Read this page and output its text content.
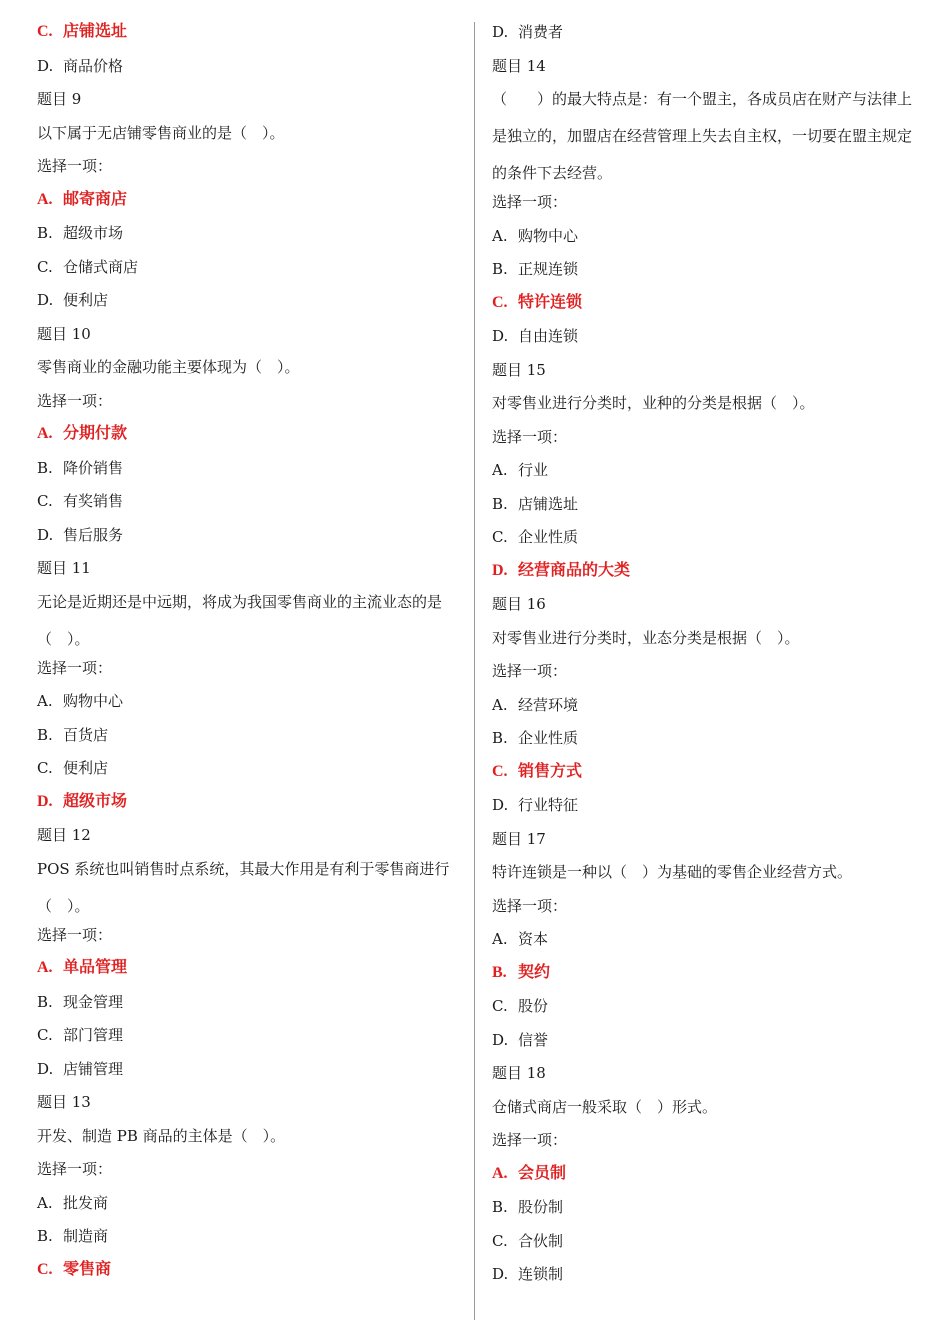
C. 店铺选址
D. 商品价格
题目 9
以下属于无店铺零售商业的是（　）。
选择一项：
A. 邮寄商店
B. 超级市场
C. 仓储式商店
D. 便利店
题目 10
零售商业的金融功能主要体现为（　）。
选择一项：
A. 分期付款
B. 降价销售
C. 有奖销售
D. 售后服务
题目 11
无论是近期还是中远期，将成为我国零售商业的主流业态的是（　）。
选择一项：
A. 购物中心
B. 百货店
C. 便利店
D. 超级市场
题目 12
POS 系统也叫销售时点系统，其最大作用是有利于零售商进行（　）。
选择一项：
A. 单品管理
B. 现金管理
C. 部门管理
D. 店铺管理
题目 13
开发、制造 PB 商品的主体是（　）。
选择一项：
A. 批发商
B. 制造商
C. 零售商
D. 消费者
题目 14
（　　）的最大特点是：有一个盟主，各成员店在财产与法律上是独立的，加盟店在经营管理上失去自主权，一切要在盟主规定的条件下去经营。
选择一项：
A. 购物中心
B. 正规连锁
C. 特许连锁
D. 自由连锁
题目 15
对零售业进行分类时，业种的分类是根据（　）。
选择一项：
A. 行业
B. 店铺选址
C. 企业性质
D. 经营商品的大类
题目 16
对零售业进行分类时，业态分类是根据（　）。
选择一项：
A. 经营环境
B. 企业性质
C. 销售方式
D. 行业特征
题目 17
特许连锁是一种以（　）为基础的零售企业经营方式。
选择一项：
A. 资本
B. 契约
C. 股份
D. 信誉
题目 18
仓储式商店一般采取（　）形式。
选择一项：
A. 会员制
B. 股份制
C. 合伙制
D. 连锁制
